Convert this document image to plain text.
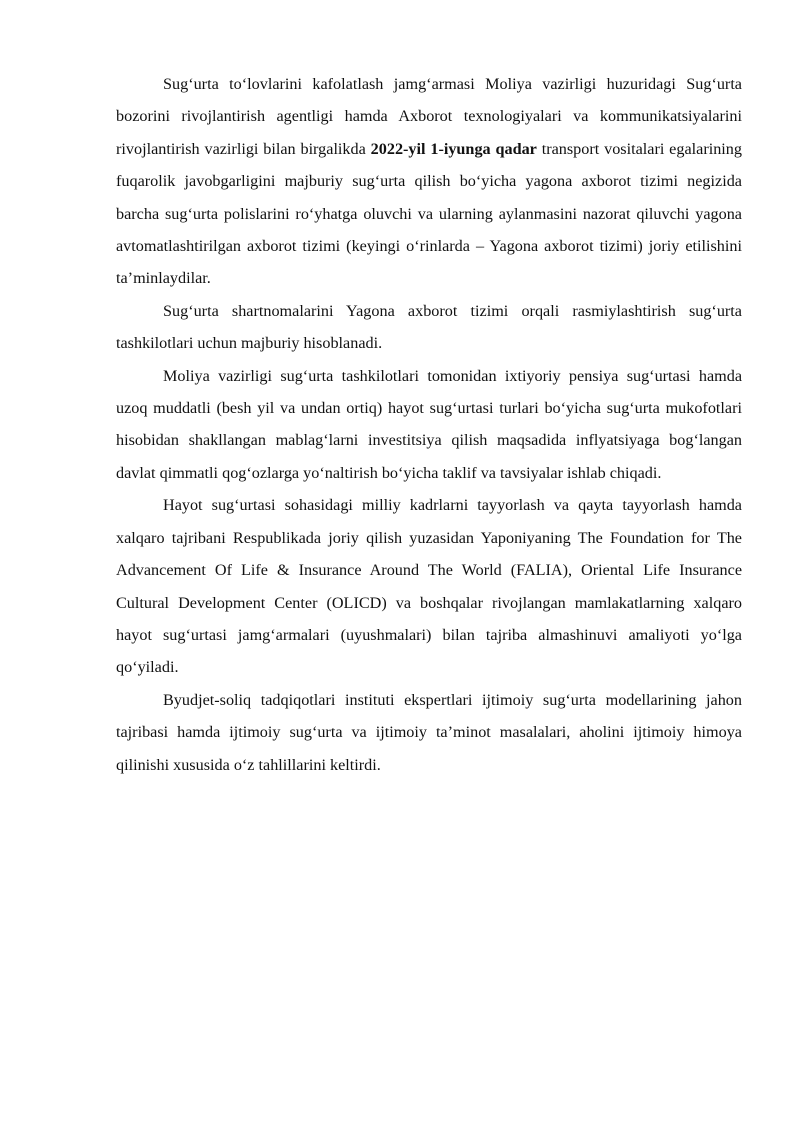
Sug‘urta to‘lovlarini kafolatlash jamg‘armasi Moliya vazirligi huzuridagi Sug‘urta bozorini rivojlantirish agentligi hamda Axborot texnologiyalari va kommunikatsiyalarini rivojlantirish vazirligi bilan birgalikda 2022-yil 1-iyunga qadar transport vositalari egalarining fuqarolik javobgarligini majburiy sug‘urta qilish bo‘yicha yagona axborot tizimi negizida barcha sug‘urta polislarini ro‘yhatga oluvchi va ularning aylanmasini nazorat qiluvchi yagona avtomatlashtirilgan axborot tizimi (keyingi o‘rinlarda – Yagona axborot tizimi) joriy etilishini ta’minlaydilar.

Sug‘urta shartnomalarini Yagona axborot tizimi orqali rasmiylashtirish sug‘urta tashkilotlari uchun majburiy hisoblanadi.

Moliya vazirligi sug‘urta tashkilotlari tomonidan ixtiyoriy pensiya sug‘urtasi hamda uzoq muddatli (besh yil va undan ortiq) hayot sug‘urtasi turlari bo‘yicha sug‘urta mukofotlari hisobidan shakllangan mablag‘larni investitsiya qilish maqsadida inflyatsiyaga bog‘langan davlat qimmatli qog‘ozlarga yo‘naltirish bo‘yicha taklif va tavsiyalar ishlab chiqadi.

Hayot sug‘urtasi sohasidagi milliy kadrlarni tayyorlash va qayta tayyorlash hamda xalqaro tajribani Respublikada joriy qilish yuzasidan Yaponiyaning The Foundation for The Advancement Of Life & Insurance Around The World (FALIA), Oriental Life Insurance Cultural Development Center (OLICD) va boshqalar rivojlangan mamlakatlarning xalqaro hayot sug‘urtasi jamg‘armalari (uyushmalari) bilan tajriba almashinuvi amaliyoti yo‘lga qo‘yiladi.

Byudjet-soliq tadqiqotlari instituti ekspertlari ijtimoiy sug‘urta modellarining jahon tajribasi hamda ijtimoiy sug‘urta va ijtimoiy ta’minot masalalari, aholini ijtimoiy himoya qilinishi xususida o‘z tahlillarini keltirdi.
